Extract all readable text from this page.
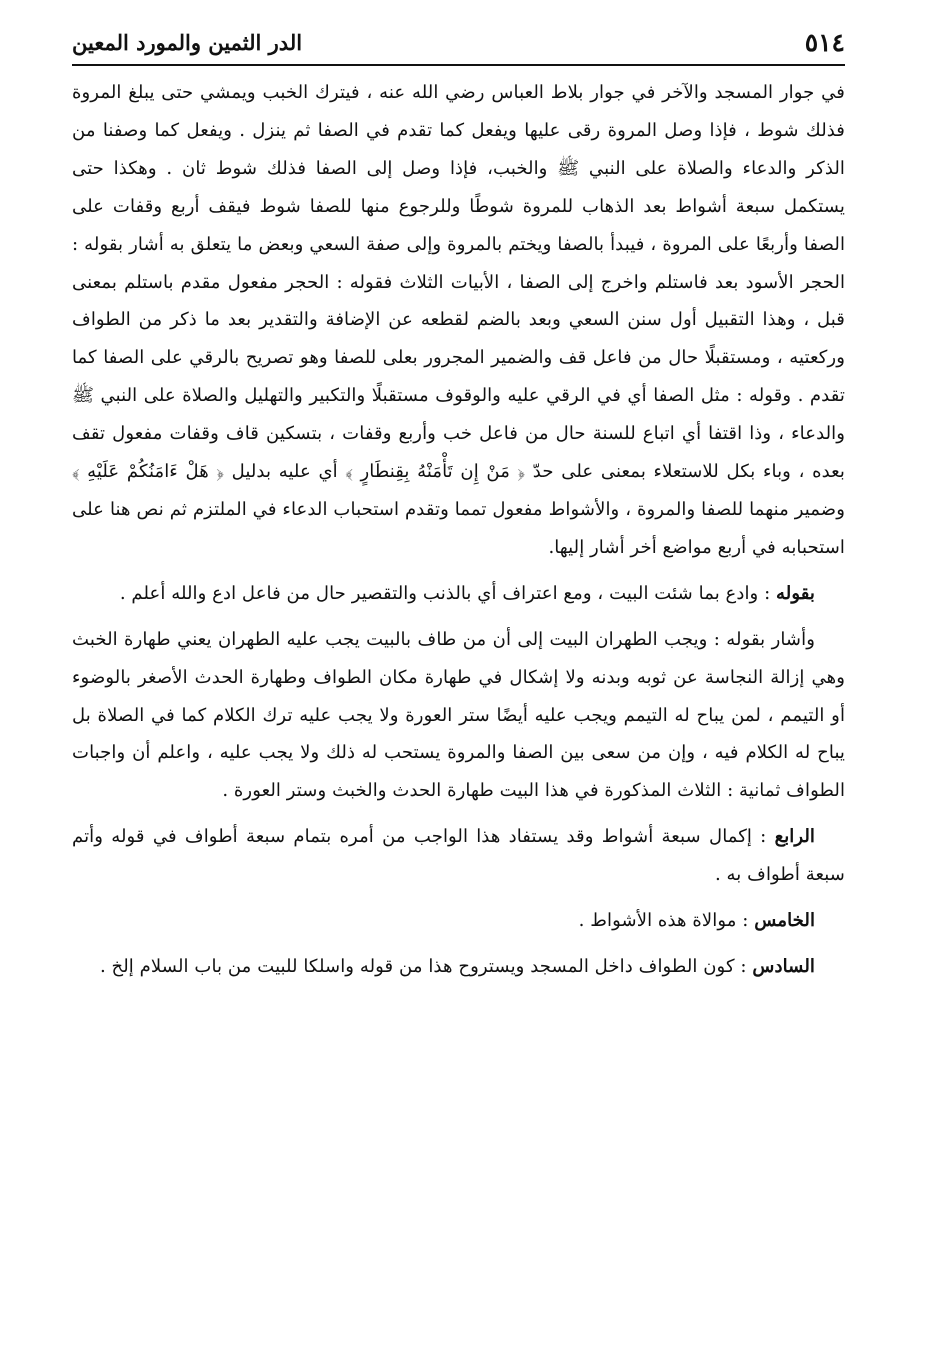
٥١٤
الدر الثمين والمورد المعين

في جوار المسجد والآخر في جوار بلاط العباس رضي الله عنه ، فيترك الخبب ويمشي حتى يبلغ المروة فذلك شوط ، فإذا وصل المروة رقى عليها ويفعل كما تقدم في الصفا ثم ينزل . ويفعل كما وصفنا من الذكر والدعاء والصلاة على النبي ﷺ والخبب، فإذا وصل إلى الصفا فذلك شوط ثان . وهكذا حتى يستكمل سبعة أشواط بعد الذهاب للمروة شوطًا وللرجوع منها للصفا شوط فيقف أربع وقفات على الصفا وأربعًا على المروة ، فيبدأ بالصفا ويختم بالمروة وإلى صفة السعي وبعض ما يتعلق به أشار بقوله : الحجر الأسود بعد فاستلم واخرج إلى الصفا ، الأبيات الثلاث فقوله : الحجر مفعول مقدم باستلم بمعنى قبل ، وهذا التقبيل أول سنن السعي وبعد بالضم لقطعه عن الإضافة والتقدير بعد ما ذكر من الطواف وركعتيه ، ومستقبلًا حال من فاعل قف والضمير المجرور بعلى للصفا وهو تصريح بالرقي على الصفا كما تقدم . وقوله : مثل الصفا أي في الرقي عليه والوقوف مستقبلًا والتكبير والتهليل والصلاة على النبي ﷺ والدعاء ، وذا اقتفا أي اتباع للسنة حال من فاعل خب وأربع وقفات ، بتسكين قاف وقفات مفعول تقف بعده ، وباء بكل للاستعلاء بمعنى على حدّ ﴿ مَنْ إِن تَأْمَنْهُ بِقِنطَارٍ ﴾ أي عليه بدليل ﴿ هَلْ ءَامَنُكُمْ عَلَيْهِ ﴾ وضمير منهما للصفا والمروة ، والأشواط مفعول تمما وتقدم استحباب الدعاء في الملتزم ثم نص هنا على استحبابه في أربع مواضع أخر أشار إليها.

بقوله : وادع بما شئت البيت ، ومع اعتراف أي بالذنب والتقصير حال من فاعل ادع والله أعلم .

وأشار بقوله : ويجب الطهران البيت إلى أن من طاف بالبيت يجب عليه الطهران يعني طهارة الخبث وهي إزالة النجاسة عن ثوبه وبدنه ولا إشكال في طهارة مكان الطواف وطهارة الحدث الأصغر بالوضوء أو التيمم ، لمن يباح له التيمم ويجب عليه أيضًا ستر العورة ولا يجب عليه ترك الكلام كما في الصلاة بل يباح له الكلام فيه ، وإن من سعى بين الصفا والمروة يستحب له ذلك ولا يجب عليه ، واعلم أن واجبات الطواف ثمانية : الثلاث المذكورة في هذا البيت طهارة الحدث والخبث وستر العورة .

الرابع : إكمال سبعة أشواط وقد يستفاد هذا الواجب من أمره بتمام سبعة أطواف في قوله وأتم سبعة أطواف به .

الخامس : موالاة هذه الأشواط .

السادس : كون الطواف داخل المسجد ويستروح هذا من قوله واسلكا للبيت من باب السلام إلخ .
